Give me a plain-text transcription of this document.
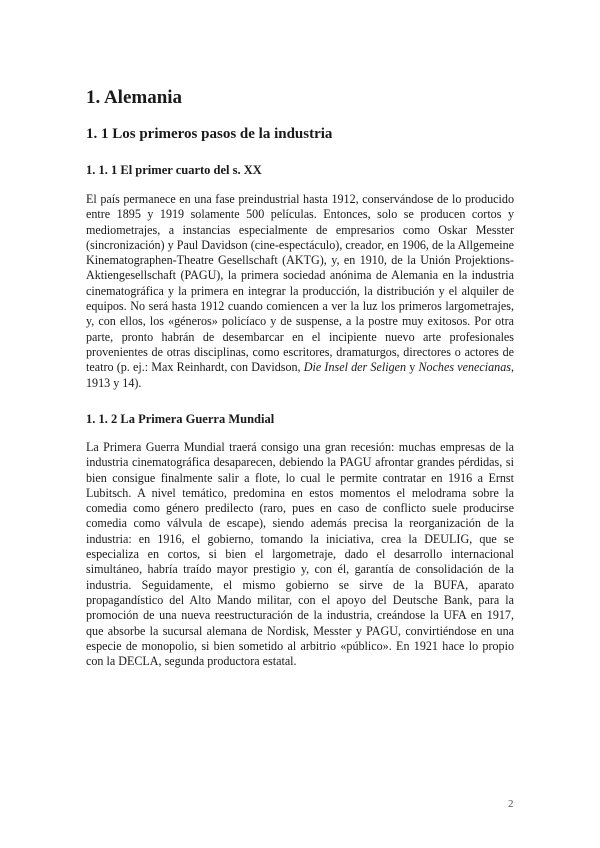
1. Alemania
1. 1 Los primeros pasos de la industria
1. 1. 1 El primer cuarto del s. XX

El país permanece en una fase preindustrial hasta 1912, conservándose de lo producido entre 1895 y 1919 solamente 500 películas. Entonces, solo se producen cortos y mediometrajes, a instancias especialmente de empresarios como Oskar Messter (sincronización) y Paul Davidson (cine-espectáculo), creador, en 1906, de la Allgemeine Kinematographen-Theatre Gesellschaft (AKTG), y, en 1910, de la Unión Projektions-Aktiengesellschaft (PAGU), la primera sociedad anónima de Alemania en la industria cinematográfica y la primera en integrar la producción, la distribución y el alquiler de equipos. No será hasta 1912 cuando comiencen a ver la luz los primeros largometrajes, y, con ellos, los «géneros» policíaco y de suspense, a la postre muy exitosos. Por otra parte, pronto habrán de desembarcar en el incipiente nuevo arte profesionales provenientes de otras disciplinas, como escritores, dramaturgos, directores o actores de teatro (p. ej.: Max Reinhardt, con Davidson, Die Insel der Seligen y Noches venecianas, 1913 y 14).

1. 1. 2 La Primera Guerra Mundial

La Primera Guerra Mundial traerá consigo una gran recesión: muchas empresas de la industria cinematográfica desaparecen, debiendo la PAGU afrontar grandes pérdidas, si bien consigue finalmente salir a flote, lo cual le permite contratar en 1916 a Ernst Lubitsch. A nivel temático, predomina en estos momentos el melodrama sobre la comedia como género predilecto (raro, pues en caso de conflicto suele producirse comedia como válvula de escape), siendo además precisa la reorganización de la industria: en 1916, el gobierno, tomando la iniciativa, crea la DEULIG, que se especializa en cortos, si bien el largometraje, dado el desarrollo internacional simultáneo, habría traído mayor prestigio y, con él, garantía de consolidación de la industria. Seguidamente, el mismo gobierno se sirve de la BUFA, aparato propagandístico del Alto Mando militar, con el apoyo del Deutsche Bank, para la promoción de una nueva reestructuración de la industria, creándose la UFA en 1917, que absorbe la sucursal alemana de Nordisk, Messter y PAGU, convirtiéndose en una especie de monopolio, si bien sometido al arbitrio «público». En 1921 hace lo propio con la DECLA, segunda productora estatal.

2
